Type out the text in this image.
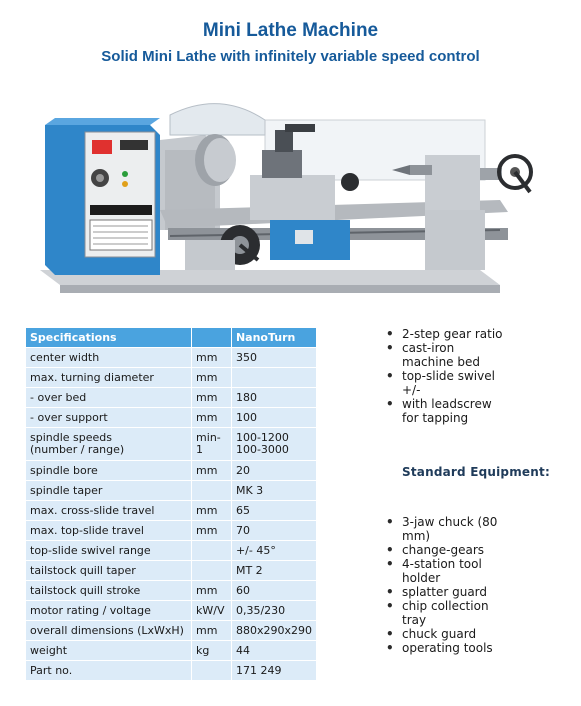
Mini Lathe Machine
Solid Mini Lathe with infinitely variable speed control
Specifications		NanoTurn
center width	mm	350
max. turning diameter	mm	
- over bed	mm	180
- over support	mm	100
spindle speeds
(number / range)	min-1	100-1200
100-3000
spindle bore	mm	20
spindle taper		MK 3
max. cross-slide travel	mm	65
max. top-slide travel	mm	70
top-slide swivel range		+/- 45°
tailstock quill taper		MT 2
tailstock quill stroke	mm	60
motor rating / voltage	kW/V	0,35/230
overall dimensions (LxWxH)	mm	880x290x290
weight	kg	44
Part no.		171 249
• 2-step gear ratio
• cast-iron machine bed
• top-slide swivel +/-
• with leadscrew for tapping
Standard Equipment:
• 3-jaw chuck (80 mm)
• change-gears
• 4-station tool holder
• splatter guard
• chip collection tray
• chuck guard
• operating tools
